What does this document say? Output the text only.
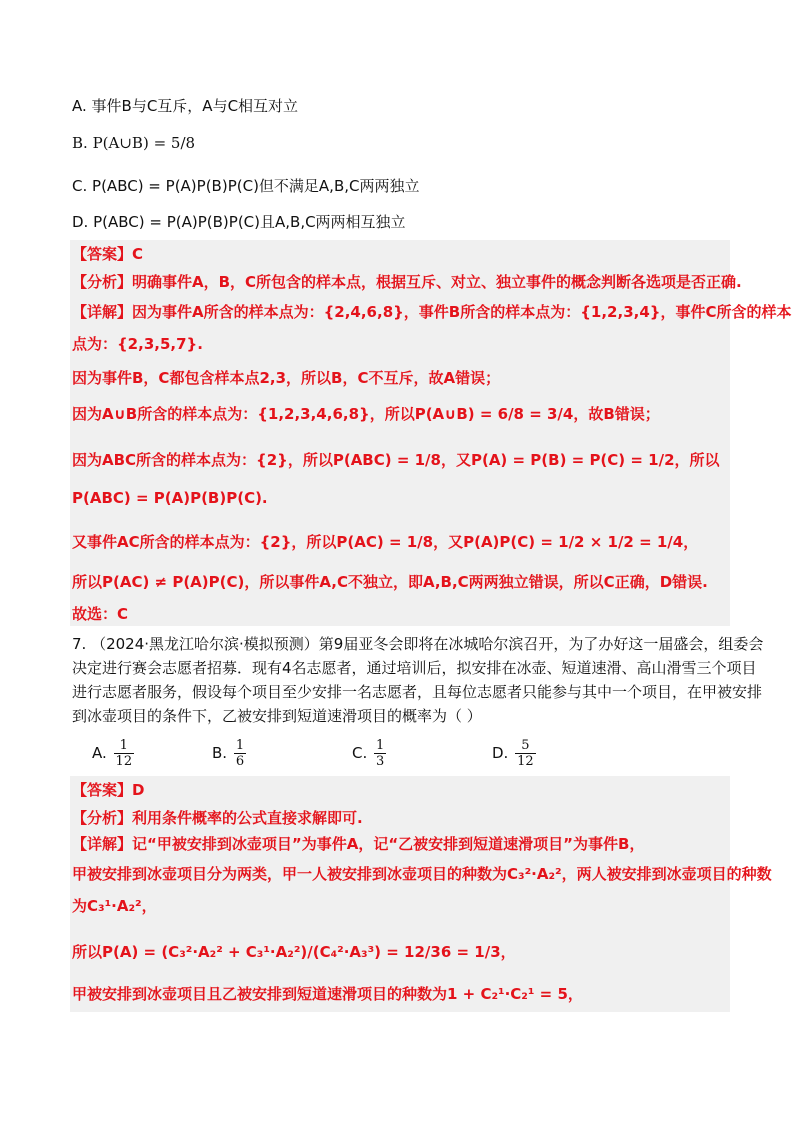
A. 事件B与C互斥，A与C相互对立
B. P(A∪B) = 5/8
C. P(ABC) = P(A)P(B)P(C)但不满足A,B,C两两独立
D. P(ABC) = P(A)P(B)P(C)且A,B,C两两相互独立
【答案】C
【分析】明确事件A，B，C所包含的样本点，根据互斥、对立、独立事件的概念判断各选项是否正确.
【详解】因为事件A所含的样本点为：{2,4,6,8}，事件B所含的样本点为：{1,2,3,4}，事件C所含的样本
点为：{2,3,5,7}.
因为事件B，C都包含样本点2,3，所以B，C不互斥，故A错误；
因为A∪B所含的样本点为：{1,2,3,4,6,8}，所以P(A∪B) = 6/8 = 3/4，故B错误；
因为ABC所含的样本点为：{2}，所以P(ABC) = 1/8，又P(A) = P(B) = P(C) = 1/2，所以
P(ABC) = P(A)P(B)P(C).
又事件AC所含的样本点为：{2}，所以P(AC) = 1/8，又P(A)P(C) = 1/2 × 1/2 = 1/4，
所以P(AC) ≠ P(A)P(C)，所以事件A,C不独立，即A,B,C两两独立错误，所以C正确，D错误.
故选：C
7. （2024·黑龙江哈尔滨·模拟预测）第9届亚冬会即将在冰城哈尔滨召开，为了办好这一届盛会，组委会
决定进行赛会志愿者招募．现有4名志愿者，通过培训后，拟安排在冰壶、短道速滑、高山滑雪三个项目
进行志愿者服务，假设每个项目至少安排一名志愿者，且每位志愿者只能参与其中一个项目，在甲被安排
到冰壶项目的条件下，乙被安排到短道速滑项目的概率为（ ）
A. $\frac{1}{12}$	B. $\frac{1}{6}$	C. $\frac{1}{3}$	D. $\frac{5}{12}$
【答案】D
【分析】利用条件概率的公式直接求解即可.
【详解】记“甲被安排到冰壶项目”为事件A，记“乙被安排到短道速滑项目”为事件B，
甲被安排到冰壶项目分为两类，甲一人被安排到冰壶项目的种数为C₃²·A₂²，两人被安排到冰壶项目的种数
为C₃¹·A₂²，
所以P(A) = (C₃²·A₂² + C₃¹·A₂²)/(C₄²·A₃³) = 12/36 = 1/3，
甲被安排到冰壶项目且乙被安排到短道速滑项目的种数为1 + C₂¹·C₂¹ = 5，
